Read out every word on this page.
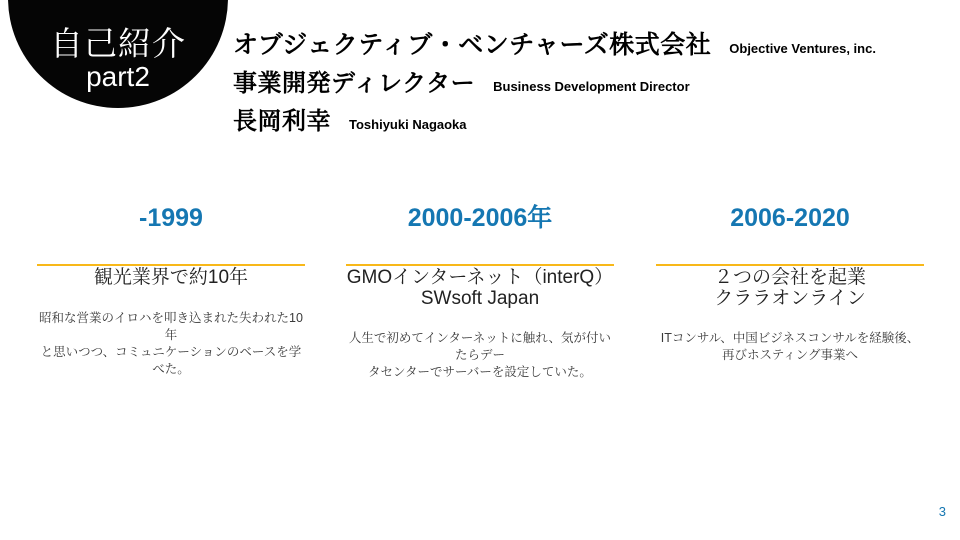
自己紹介
part2
オブジェクティブ・ベンチャーズ株式会社 Objective Ventures, inc.
事業開発ディレクター Business Development Director
長岡利幸 Toshiyuki Nagaoka
-1999
観光業界で約10年
昭和な営業のイロハを叩き込まれた失われた10年
と思いつつ、コミュニケーションのベースを学べた。
2000-2006年
GMOインターネット（interQ）
SWsoft Japan
人生で初めてインターネットに触れ、気が付いたらデー
タセンターでサーバーを設定していた。
2006-2020
２つの会社を起業
クララオンライン
ITコンサル、中国ビジネスコンサルを経験後、
再びホスティング事業へ
3
